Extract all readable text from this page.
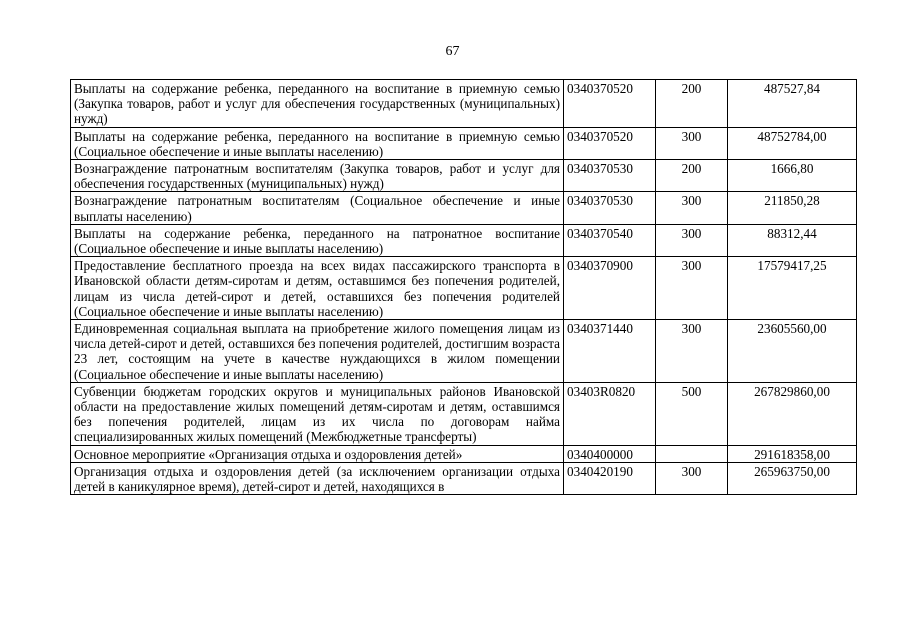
67
Выплаты на содержание ребенка, переданного на воспитание в приемную семью (Закупка товаров, работ и услуг для обеспечения государственных (муниципальных) нужд)	0340370520	200	487527,84
Выплаты на содержание ребенка, переданного на воспитание в приемную семью (Социальное обеспечение и иные выплаты населению)	0340370520	300	48752784,00
Вознаграждение патронатным воспитателям (Закупка товаров, работ и услуг для обеспечения государственных (муниципальных) нужд)	0340370530	200	1666,80
Вознаграждение патронатным воспитателям (Социальное обеспечение и иные выплаты населению)	0340370530	300	211850,28
Выплаты на содержание ребенка, переданного на патронатное воспитание (Социальное обеспечение и иные выплаты населению)	0340370540	300	88312,44
Предоставление бесплатного проезда на всех видах пассажирского транспорта в Ивановской области детям-сиротам и детям, оставшимся без попечения родителей, лицам из числа детей-сирот и детей, оставшихся без попечения родителей (Социальное обеспечение и иные выплаты населению)	0340370900	300	17579417,25
Единовременная социальная выплата на приобретение жилого помещения лицам из числа детей-сирот и детей, оставшихся без попечения родителей, достигшим возраста 23 лет, состоящим на учете в качестве нуждающихся в жилом помещении (Социальное обеспечение и иные выплаты населению)	0340371440	300	23605560,00
Субвенции бюджетам городских округов и муниципальных районов Ивановской области на предоставление жилых помещений детям-сиротам и детям, оставшимся без попечения родителей, лицам из их числа по договорам найма специализированных жилых помещений (Межбюджетные трансферты)	03403R0820	500	267829860,00
Основное мероприятие «Организация отдыха и оздоровления детей»	0340400000		291618358,00
Организация отдыха и оздоровления детей (за исключением организации отдыха детей в каникулярное время), детей-сирот и детей, находящихся в	0340420190	300	265963750,00
